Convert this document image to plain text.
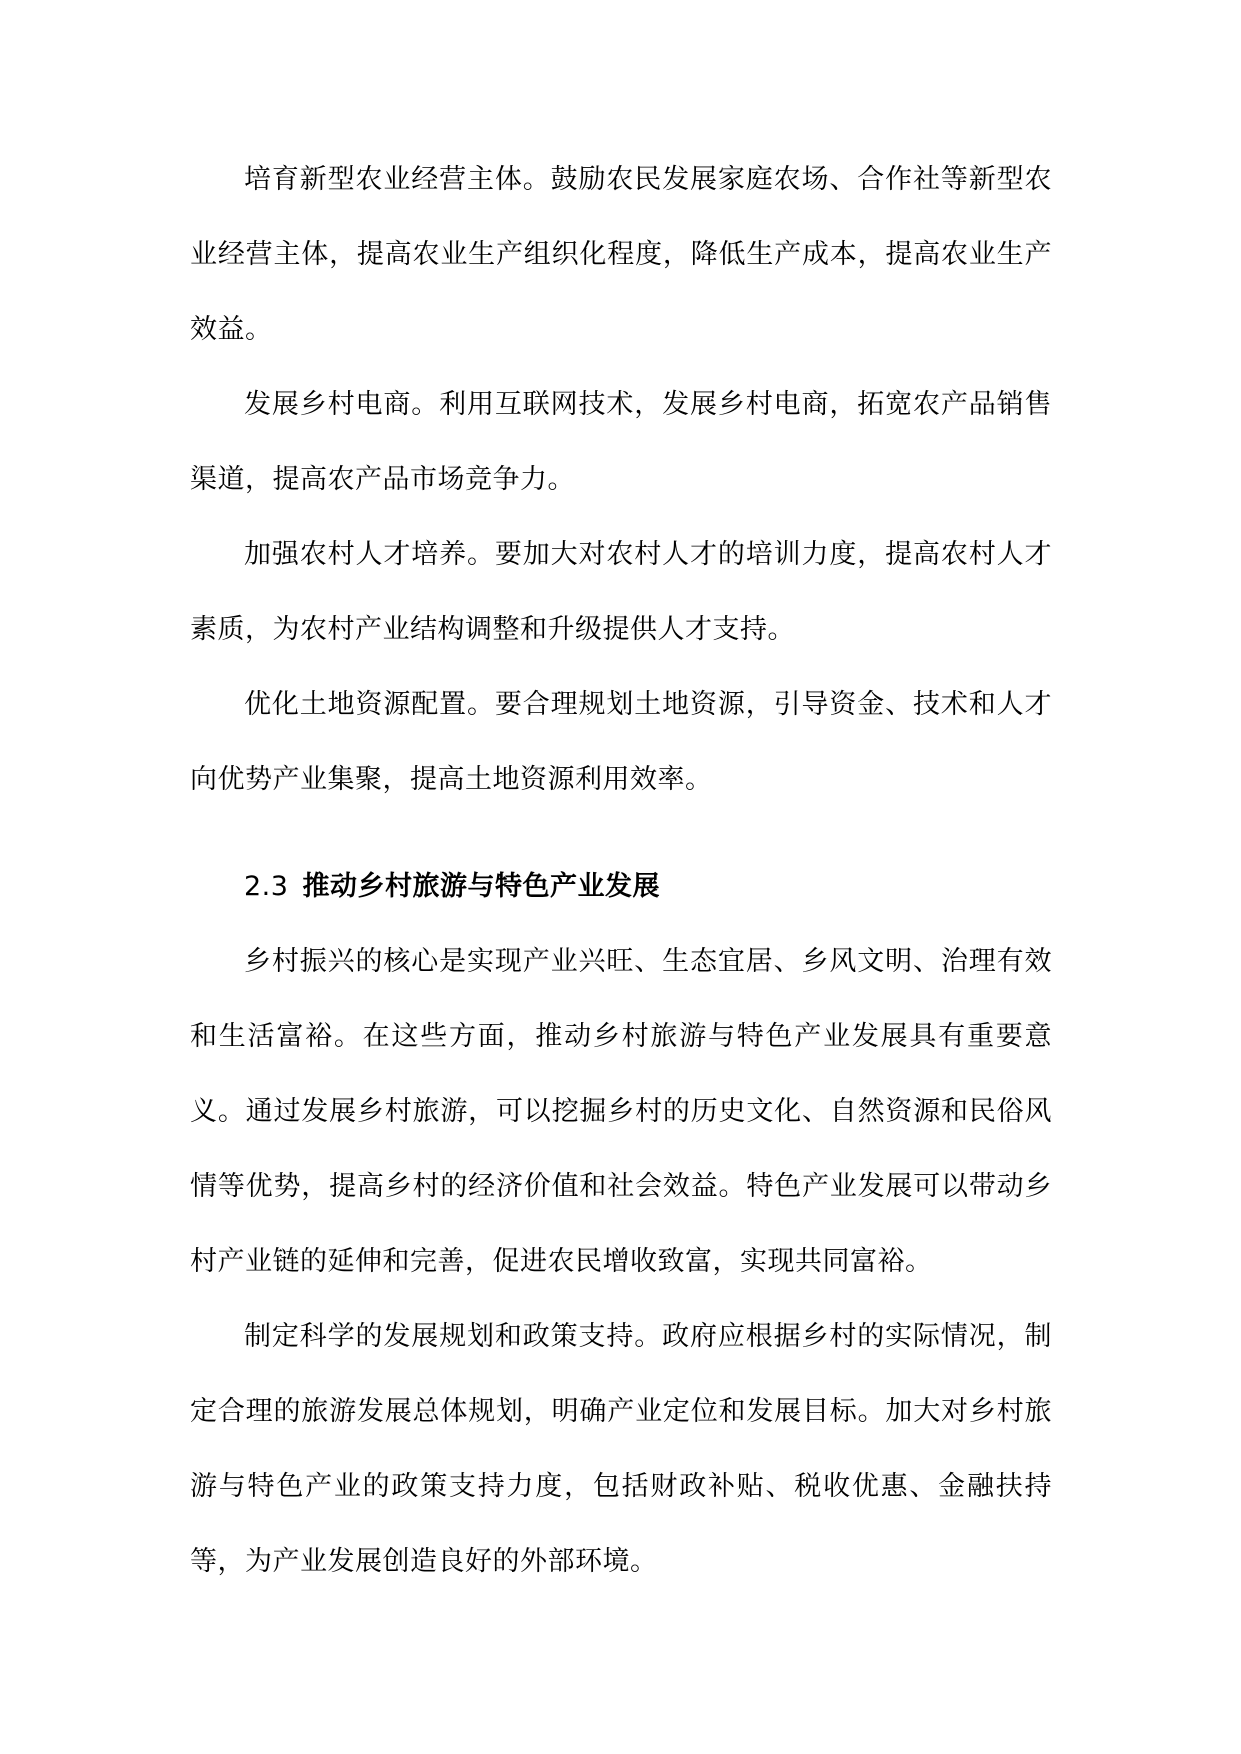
培育新型农业经营主体。鼓励农民发展家庭农场、合作社等新型农业经营主体，提高农业生产组织化程度，降低生产成本，提高农业生产效益。

发展乡村电商。利用互联网技术，发展乡村电商，拓宽农产品销售渠道，提高农产品市场竞争力。

加强农村人才培养。要加大对农村人才的培训力度，提高农村人才素质，为农村产业结构调整和升级提供人才支持。

优化土地资源配置。要合理规划土地资源，引导资金、技术和人才向优势产业集聚，提高土地资源利用效率。

2.3 推动乡村旅游与特色产业发展

乡村振兴的核心是实现产业兴旺、生态宜居、乡风文明、治理有效和生活富裕。在这些方面，推动乡村旅游与特色产业发展具有重要意义。通过发展乡村旅游，可以挖掘乡村的历史文化、自然资源和民俗风情等优势，提高乡村的经济价值和社会效益。特色产业发展可以带动乡村产业链的延伸和完善，促进农民增收致富，实现共同富裕。

制定科学的发展规划和政策支持。政府应根据乡村的实际情况，制定合理的旅游发展总体规划，明确产业定位和发展目标。加大对乡村旅游与特色产业的政策支持力度，包括财政补贴、税收优惠、金融扶持等，为产业发展创造良好的外部环境。
